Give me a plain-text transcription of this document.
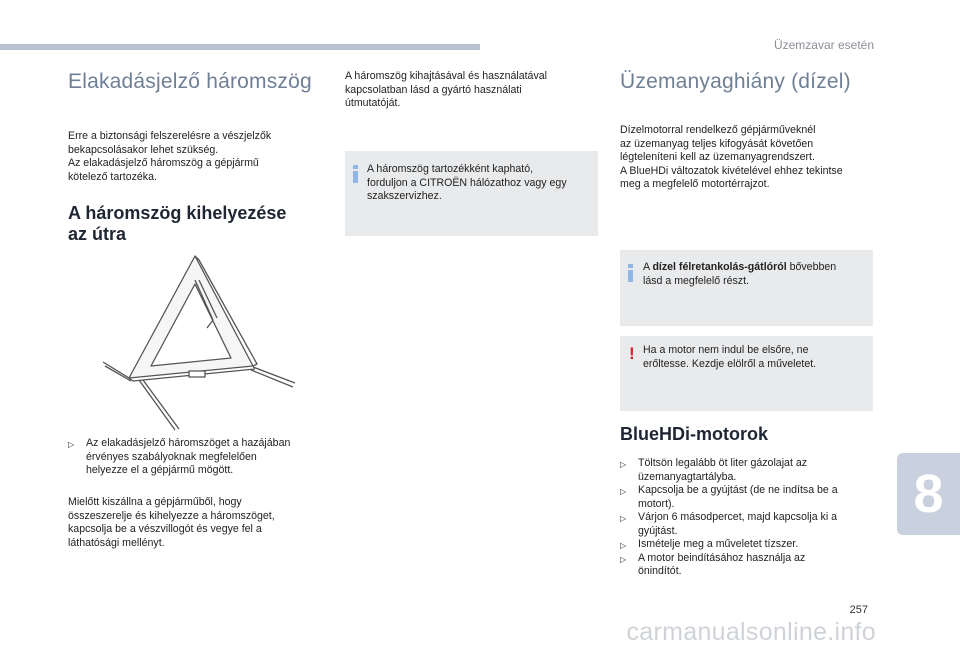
Üzemzavar esetén
Elakadásjelző háromszög
Erre a biztonsági felszerelésre a vészjelzők
bekapcsolásakor lehet szükség.
Az elakadásjelző háromszög a gépjármű
kötelező tartozéka.
A háromszög kihelyezése
az útra
▷ Az elakadásjelző háromszöget a hazájában
érvényes szabályoknak megfelelően
helyezze el a gépjármű mögött.
Mielőtt kiszállna a gépjárműből, hogy
összeszerelje és kihelyezze a háromszöget,
kapcsolja be a vészvillogót és vegye fel a
láthatósági mellényt.
A háromszög kihajtásával és használatával
kapcsolatban lásd a gyártó használati
útmutatóját.
A háromszög tartozékként kapható,
forduljon a CITROËN hálózathoz vagy egy
szakszervizhez.
Üzemanyaghiány (dízel)
Dízelmotorral rendelkező gépjárműveknél
az üzemanyag teljes kifogyását követően
légteleníteni kell az üzemanyagrendszert.
A BlueHDi változatok kivételével ehhez tekintse
meg a megfelelő motortérrajzot.
A dízel félretankolás-gátlóról bővebben
lásd a megfelelő részt.
! Ha a motor nem indul be elsőre, ne
erőltesse. Kezdje elölről a műveletet.
BlueHDi-motorok
▷ Töltsön legalább öt liter gázolajat az
üzemanyagtartályba.
▷ Kapcsolja be a gyújtást (de ne indítsa be a
motort).
▷ Várjon 6 másodpercet, majd kapcsolja ki a
gyújtást.
▷ Ismételje meg a műveletet tízszer.
▷ A motor beindításához használja az
önindítót.
8
257
carmanualsonline.info
